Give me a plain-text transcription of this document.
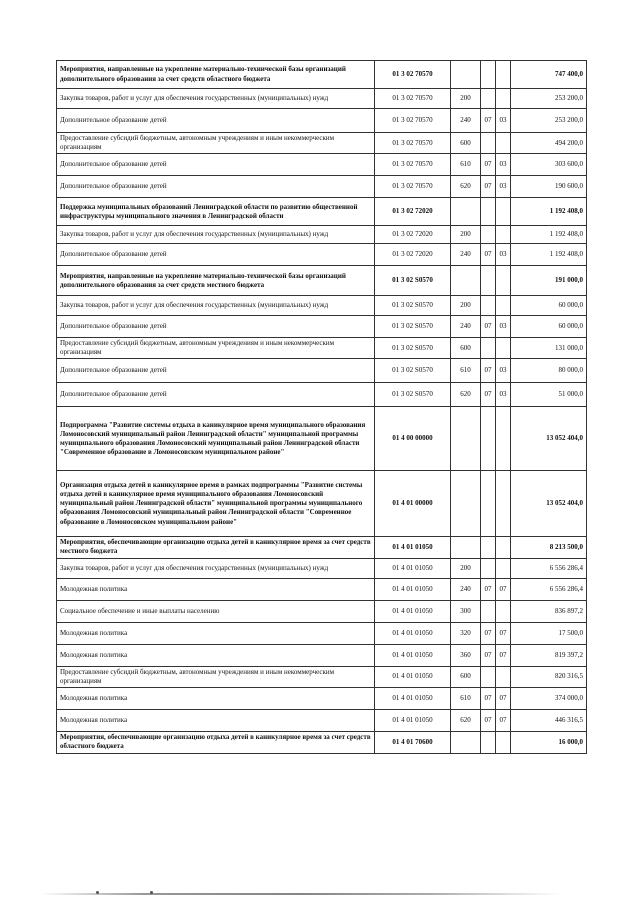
Мероприятия, направленные на укрепление материально-технической базы организаций дополнительного образования за счет средств областного бюджета	01 3 02 70570				747 400,0
Закупка товаров, работ и услуг для обеспечения государственных (муниципальных) нужд	01 3 02 70570	200			253 200,0
Дополнительное образование детей	01 3 02 70570	240	07	03	253 200,0
Предоставление субсидий бюджетным, автономным учреждениям и иным некоммерческим организациям	01 3 02 70570	600			494 200,0
Дополнительное образование детей	01 3 02 70570	610	07	03	303 600,0
Дополнительное образование детей	01 3 02 70570	620	07	03	190 600,0
Поддержка муниципальных образований Ленинградской области по развитию общественной инфраструктуры муниципального значения в Ленинградской области	01 3 02 72020				1 192 408,0
Закупка товаров, работ и услуг для обеспечения государственных (муниципальных) нужд	01 3 02 72020	200			1 192 408,0
Дополнительное образование детей	01 3 02 72020	240	07	03	1 192 408,0
Мероприятия, направленные на укрепление материально-технической базы организаций дополнительного образования за счет средств местного бюджета	01 3 02 S0570				191 000,0
Закупка товаров, работ и услуг для обеспечения государственных (муниципальных) нужд	01 3 02 S0570	200			60 000,0
Дополнительное образование детей	01 3 02 S0570	240	07	03	60 000,0
Предоставление субсидий бюджетным, автономным учреждениям и иным некоммерческим организациям	01 3 02 S0570	600			131 000,0
Дополнительное образование детей	01 3 02 S0570	610	07	03	80 000,0
Дополнительное образование детей	01 3 02 S0570	620	07	03	51 000,0
Подпрограмма "Развитие системы отдыха в каникулярное время муниципального образования Ломоносовский муниципальный район Ленинградской области" муниципальной программы муниципального образования Ломоносовский муниципальный район Ленинградской области "Современное образование в Ломоносовском муниципальном районе"	01 4 00 00000				13 052 404,0
Организация отдыха детей в каникулярное время в рамках подпрограммы "Развитие системы отдыха детей в каникулярное время муниципального образования Ломоносовский муниципальный район Ленинградской области" муниципальной программы муниципального образования Ломоносовский муниципальный район Ленинградской области "Современное образование в Ломоносовском муниципальном районе"	01 4 01 00000				13 052 404,0
Мероприятия, обеспечивающие организацию отдыха детей в каникулярное время за счет средств местного бюджета	01 4 01 01050				8 213 500,0
Закупка товаров, работ и услуг для обеспечения государственных (муниципальных) нужд	01 4 01 01050	200			6 556 286,4
Молодежная политика	01 4 01 01050	240	07	07	6 556 286,4
Социальное обеспечение и иные выплаты населению	01 4 01 01050	300			836 897,2
Молодежная политика	01 4 01 01050	320	07	07	17 500,0
Молодежная политика	01 4 01 01050	360	07	07	819 397,2
Предоставление субсидий бюджетным, автономным учреждениям и иным некоммерческим организациям	01 4 01 01050	600			820 316,5
Молодежная политика	01 4 01 01050	610	07	07	374 000,0
Молодежная политика	01 4 01 01050	620	07	07	446 316,5
Мероприятия, обеспечивающие организацию отдыха детей в каникулярное время за счет средств областного бюджета	01 4 01 70600				16 000,0
